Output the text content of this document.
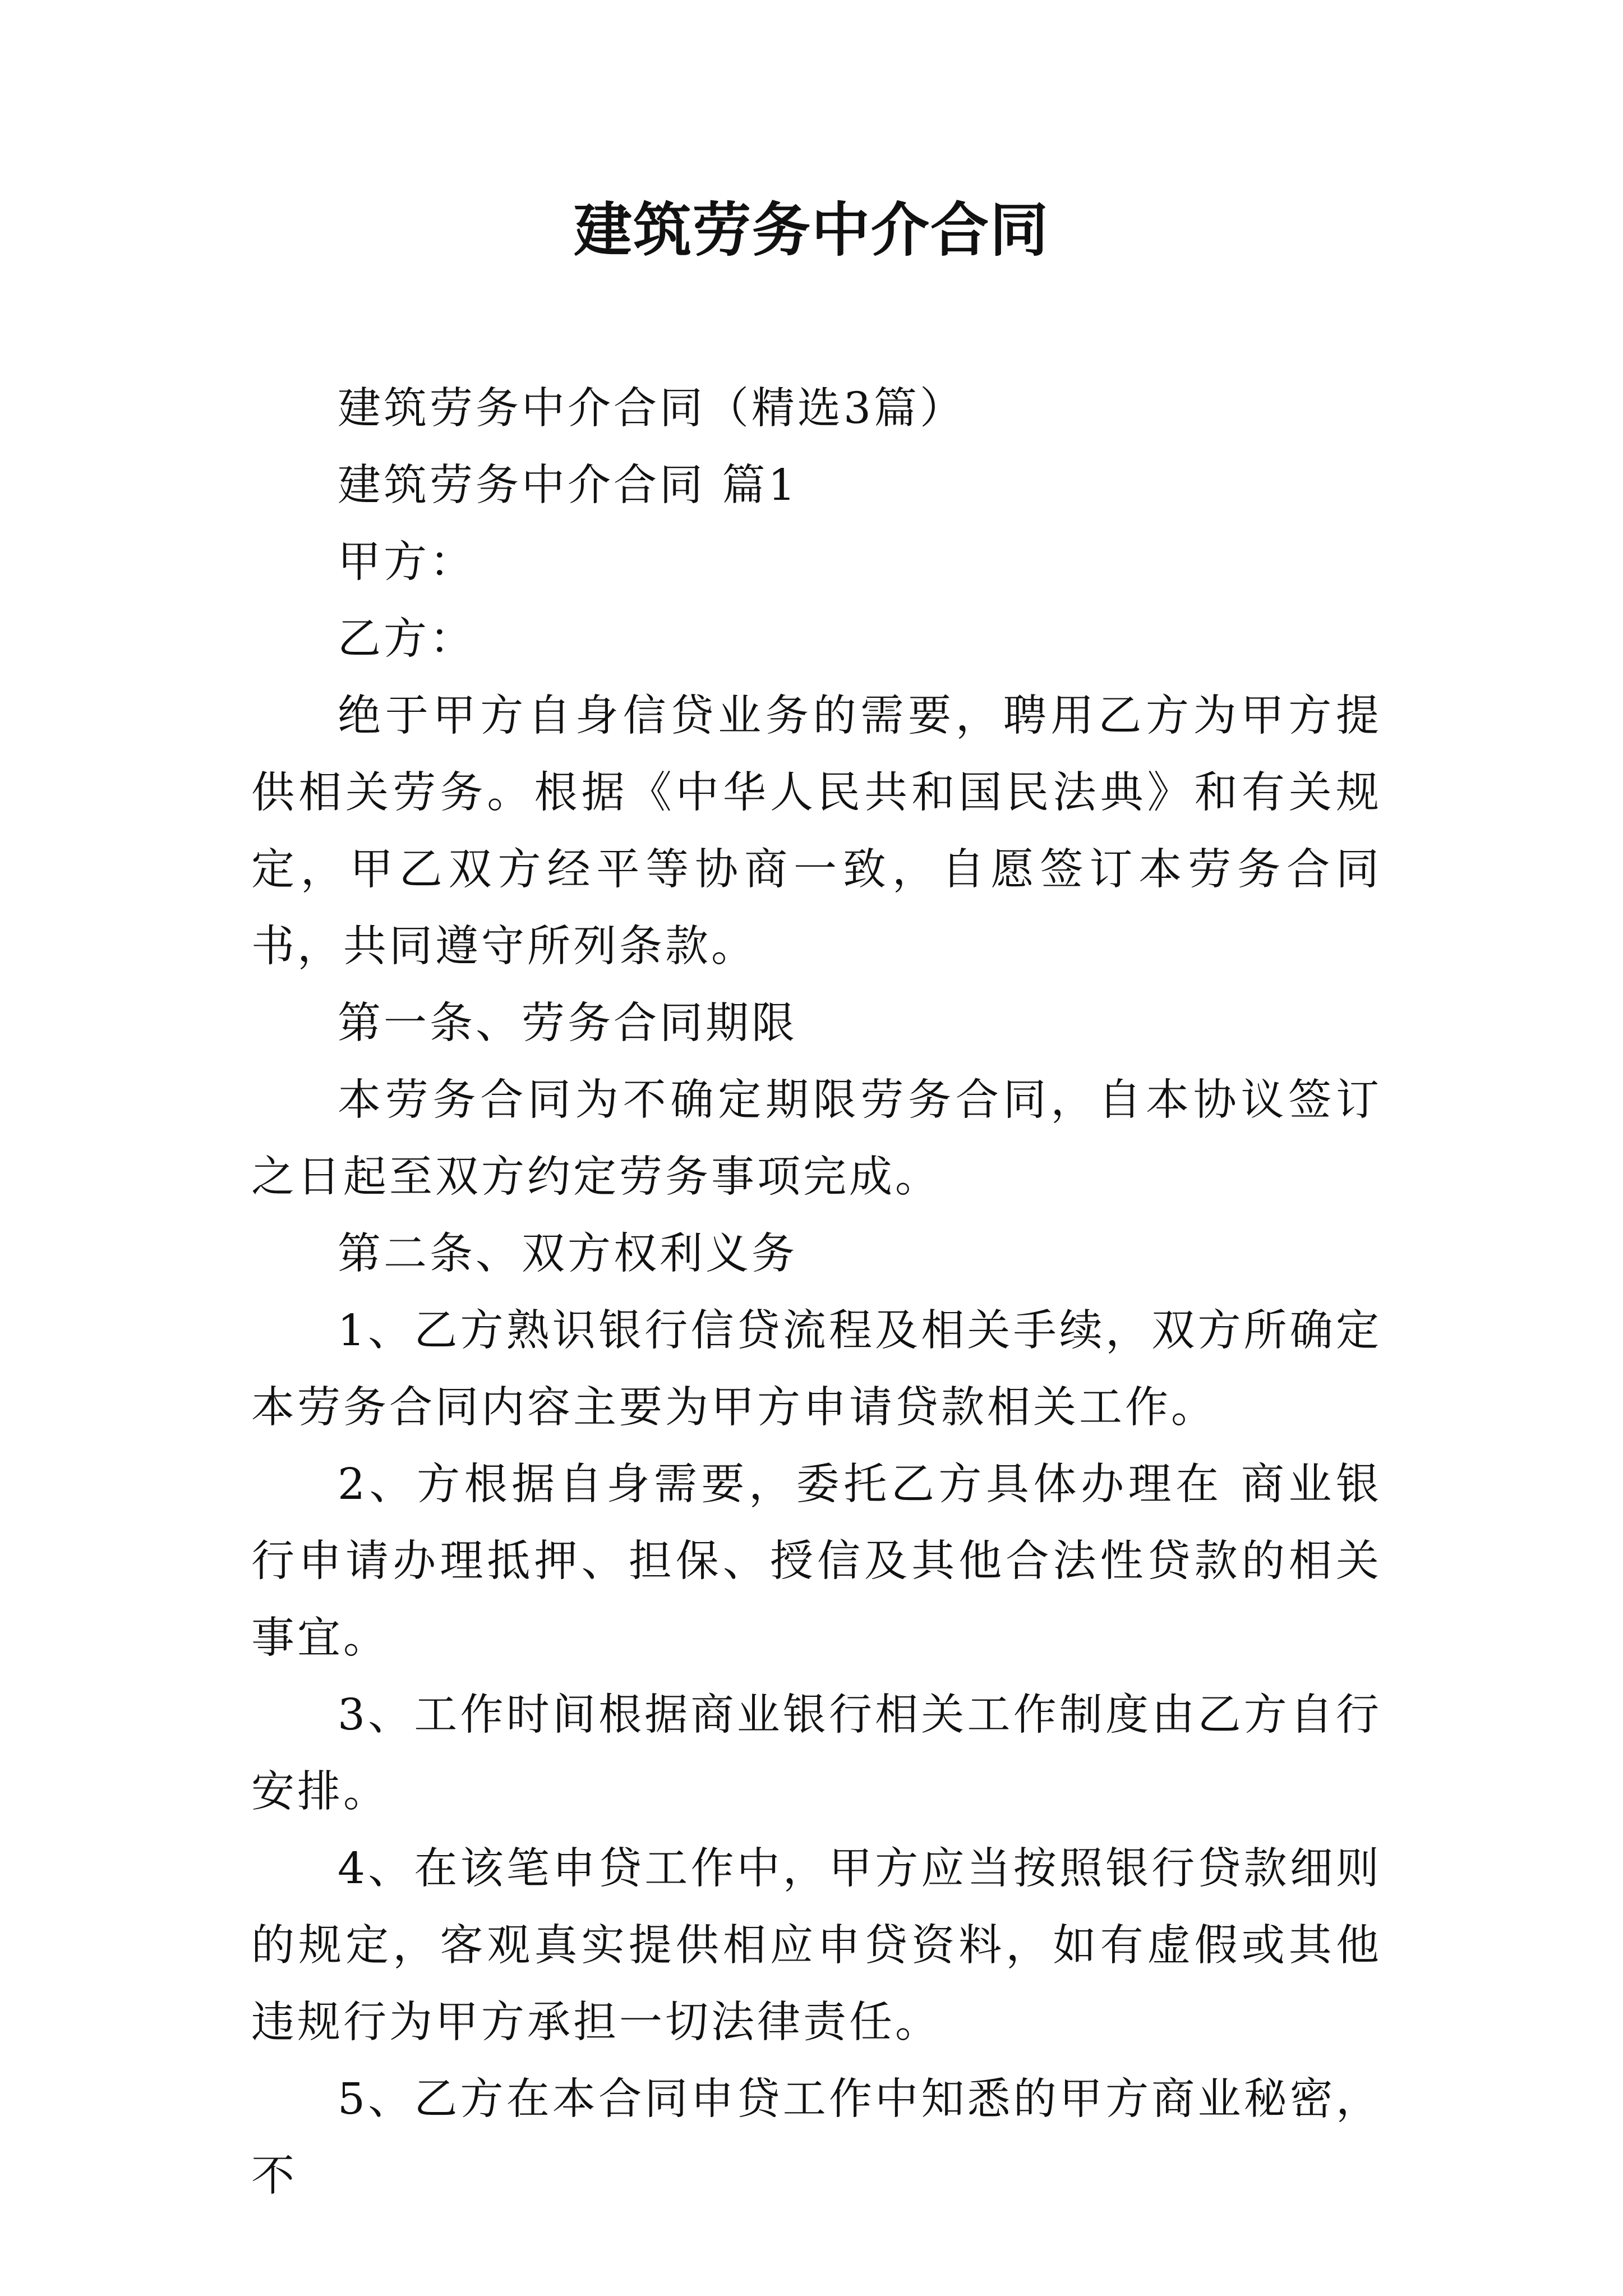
建筑劳务中介合同

建筑劳务中介合同（精选3篇）

建筑劳务中介合同 篇1

甲方：

乙方：

绝于甲方自身信贷业务的需要，聘用乙方为甲方提供相关劳务。根据《中华人民共和国民法典》和有关规定，甲乙双方经平等协商一致，自愿签订本劳务合同书，共同遵守所列条款。

第一条、劳务合同期限

本劳务合同为不确定期限劳务合同，自本协议签订之日起至双方约定劳务事项完成。

第二条、双方权利义务

1、乙方熟识银行信贷流程及相关手续，双方所确定本劳务合同内容主要为甲方申请贷款相关工作。

2、方根据自身需要，委托乙方具体办理在 商业银行申请办理抵押、担保、授信及其他合法性贷款的相关事宜。

3、工作时间根据商业银行相关工作制度由乙方自行安排。

4、在该笔申贷工作中，甲方应当按照银行贷款细则的规定，客观真实提供相应申贷资料，如有虚假或其他违规行为甲方承担一切法律责任。

5、乙方在本合同申贷工作中知悉的甲方商业秘密，不
